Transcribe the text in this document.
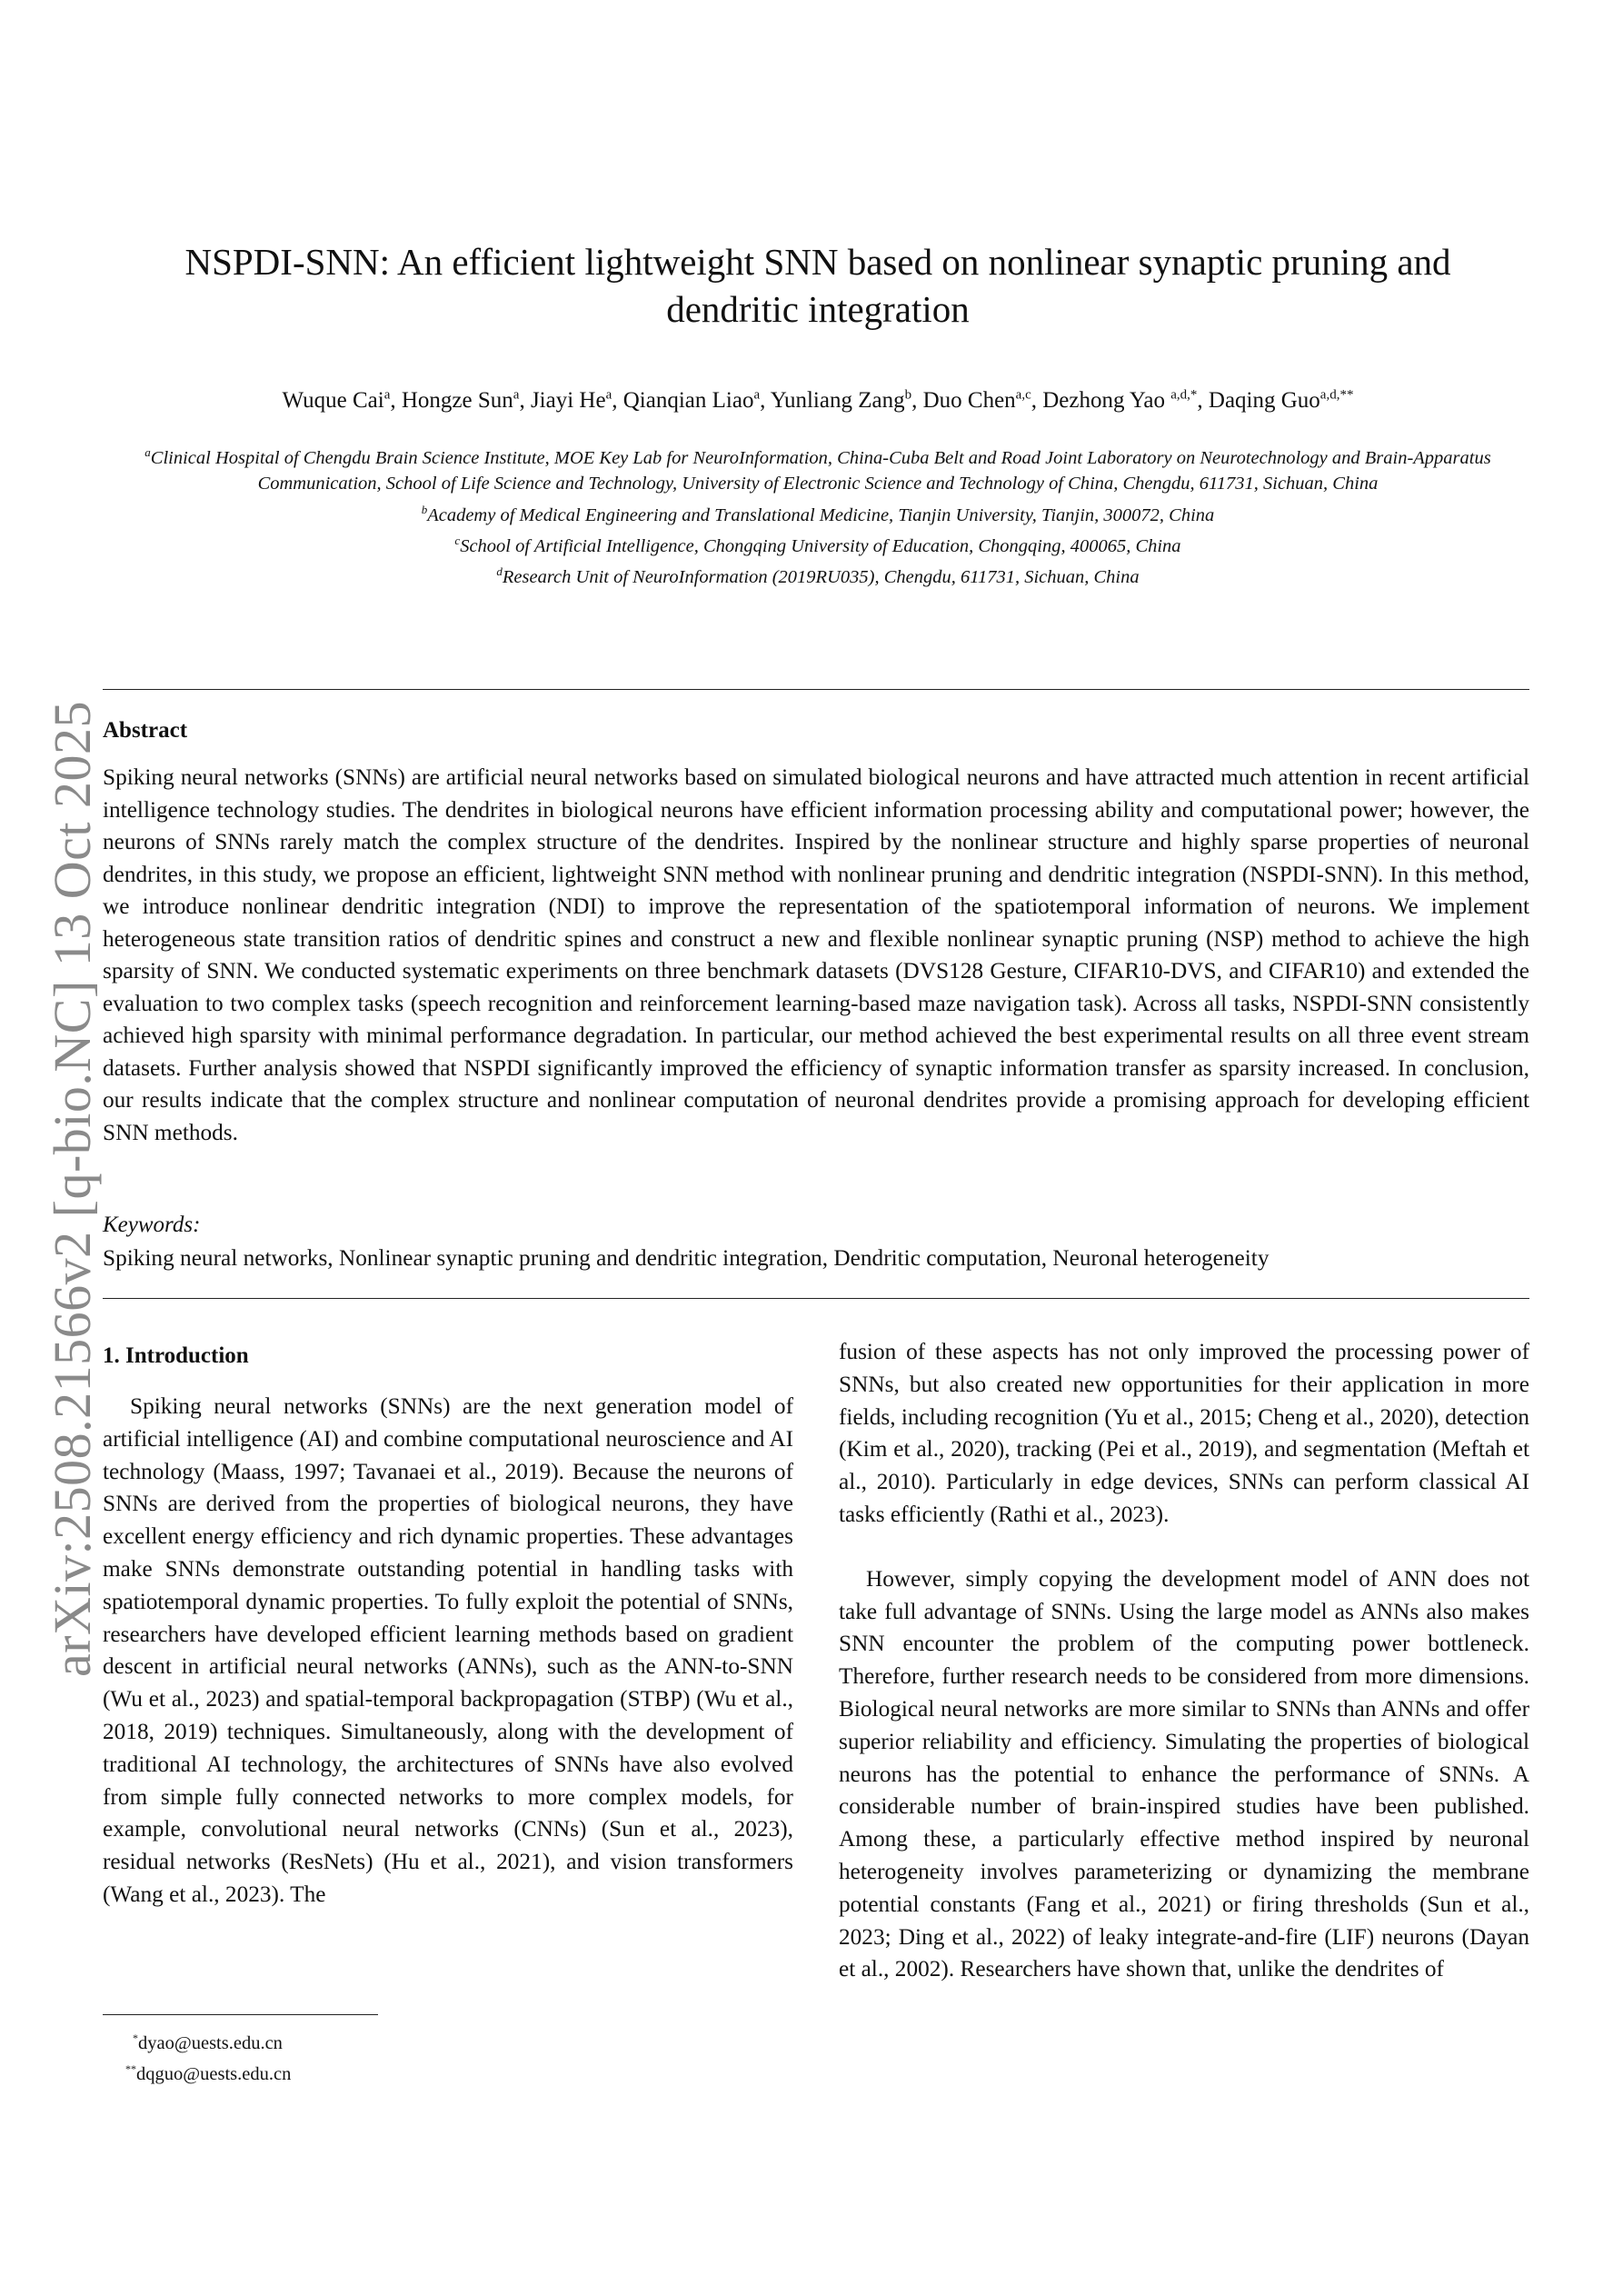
arXiv:2508.21566v2 [q-bio.NC] 13 Oct 2025
NSPDI-SNN: An efficient lightweight SNN based on nonlinear synaptic pruning and dendritic integration
Wuque Cai$^a$, Hongze Sun$^a$, Jiayi He$^a$, Qianqian Liao$^a$, Yunliang Zang$^b$, Duo Chen$^{a,c}$, Dezhong Yao $^{a,d,*}$, Daqing Guo$^{a,d,**}$
$^a$Clinical Hospital of Chengdu Brain Science Institute, MOE Key Lab for NeuroInformation, China-Cuba Belt and Road Joint Laboratory on Neurotechnology and Brain-Apparatus Communication, School of Life Science and Technology, University of Electronic Science and Technology of China, Chengdu, 611731, Sichuan, China
$^b$Academy of Medical Engineering and Translational Medicine, Tianjin University, Tianjin, 300072, China
$^c$School of Artificial Intelligence, Chongqing University of Education, Chongqing, 400065, China
$^d$Research Unit of NeuroInformation (2019RU035), Chengdu, 611731, Sichuan, China
Abstract

Spiking neural networks (SNNs) are artificial neural networks based on simulated biological neurons and have attracted much attention in recent artificial intelligence technology studies. The dendrites in biological neurons have efficient information processing ability and computational power; however, the neurons of SNNs rarely match the complex structure of the dendrites. Inspired by the nonlinear structure and highly sparse properties of neuronal dendrites, in this study, we propose an efficient, lightweight SNN method with nonlinear pruning and dendritic integration (NSPDI-SNN). In this method, we introduce nonlinear dendritic integration (NDI) to improve the representation of the spatiotemporal information of neurons. We implement heterogeneous state transition ratios of dendritic spines and construct a new and flexible nonlinear synaptic pruning (NSP) method to achieve the high sparsity of SNN. We conducted systematic experiments on three benchmark datasets (DVS128 Gesture, CIFAR10-DVS, and CIFAR10) and extended the evaluation to two complex tasks (speech recognition and reinforcement learning-based maze navigation task). Across all tasks, NSPDI-SNN consistently achieved high sparsity with minimal performance degradation. In particular, our method achieved the best experimental results on all three event stream datasets. Further analysis showed that NSPDI significantly improved the efficiency of synaptic information transfer as sparsity increased. In conclusion, our results indicate that the complex structure and nonlinear computation of neuronal dendrites provide a promising approach for developing efficient SNN methods.

Keywords:
Spiking neural networks, Nonlinear synaptic pruning and dendritic integration, Dendritic computation, Neuronal heterogeneity
1. Introduction

Spiking neural networks (SNNs) are the next generation model of artificial intelligence (AI) and combine computational neuroscience and AI technology (Maass, 1997; Tavanaei et al., 2019). Because the neurons of SNNs are derived from the properties of biological neurons, they have excellent energy efficiency and rich dynamic properties. These advantages make SNNs demonstrate outstanding potential in handling tasks with spatiotemporal dynamic properties. To fully exploit the potential of SNNs, researchers have developed efficient learning methods based on gradient descent in artificial neural networks (ANNs), such as the ANN-to-SNN (Wu et al., 2023) and spatial-temporal backpropagation (STBP) (Wu et al., 2018, 2019) techniques. Simultaneously, along with the development of traditional AI technology, the architectures of SNNs have also evolved from simple fully connected networks to more complex models, for example, convolutional neural networks (CNNs) (Sun et al., 2023), residual networks (ResNets) (Hu et al., 2021), and vision transformers (Wang et al., 2023). The

fusion of these aspects has not only improved the processing power of SNNs, but also created new opportunities for their application in more fields, including recognition (Yu et al., 2015; Cheng et al., 2020), detection (Kim et al., 2020), tracking (Pei et al., 2019), and segmentation (Meftah et al., 2010). Particularly in edge devices, SNNs can perform classical AI tasks efficiently (Rathi et al., 2023).

However, simply copying the development model of ANN does not take full advantage of SNNs. Using the large model as ANNs also makes SNN encounter the problem of the computing power bottleneck. Therefore, further research needs to be considered from more dimensions. Biological neural networks are more similar to SNNs than ANNs and offer superior reliability and efficiency. Simulating the properties of biological neurons has the potential to enhance the performance of SNNs. A considerable number of brain-inspired studies have been published. Among these, a particularly effective method inspired by neuronal heterogeneity involves parameterizing or dynamizing the membrane potential constants (Fang et al., 2021) or firing thresholds (Sun et al., 2023; Ding et al., 2022) of leaky integrate-and-fire (LIF) neurons (Dayan et al., 2002). Researchers have shown that, unlike the dendrites of

*dyao@uests.edu.cn
**dqguo@uests.edu.cn
